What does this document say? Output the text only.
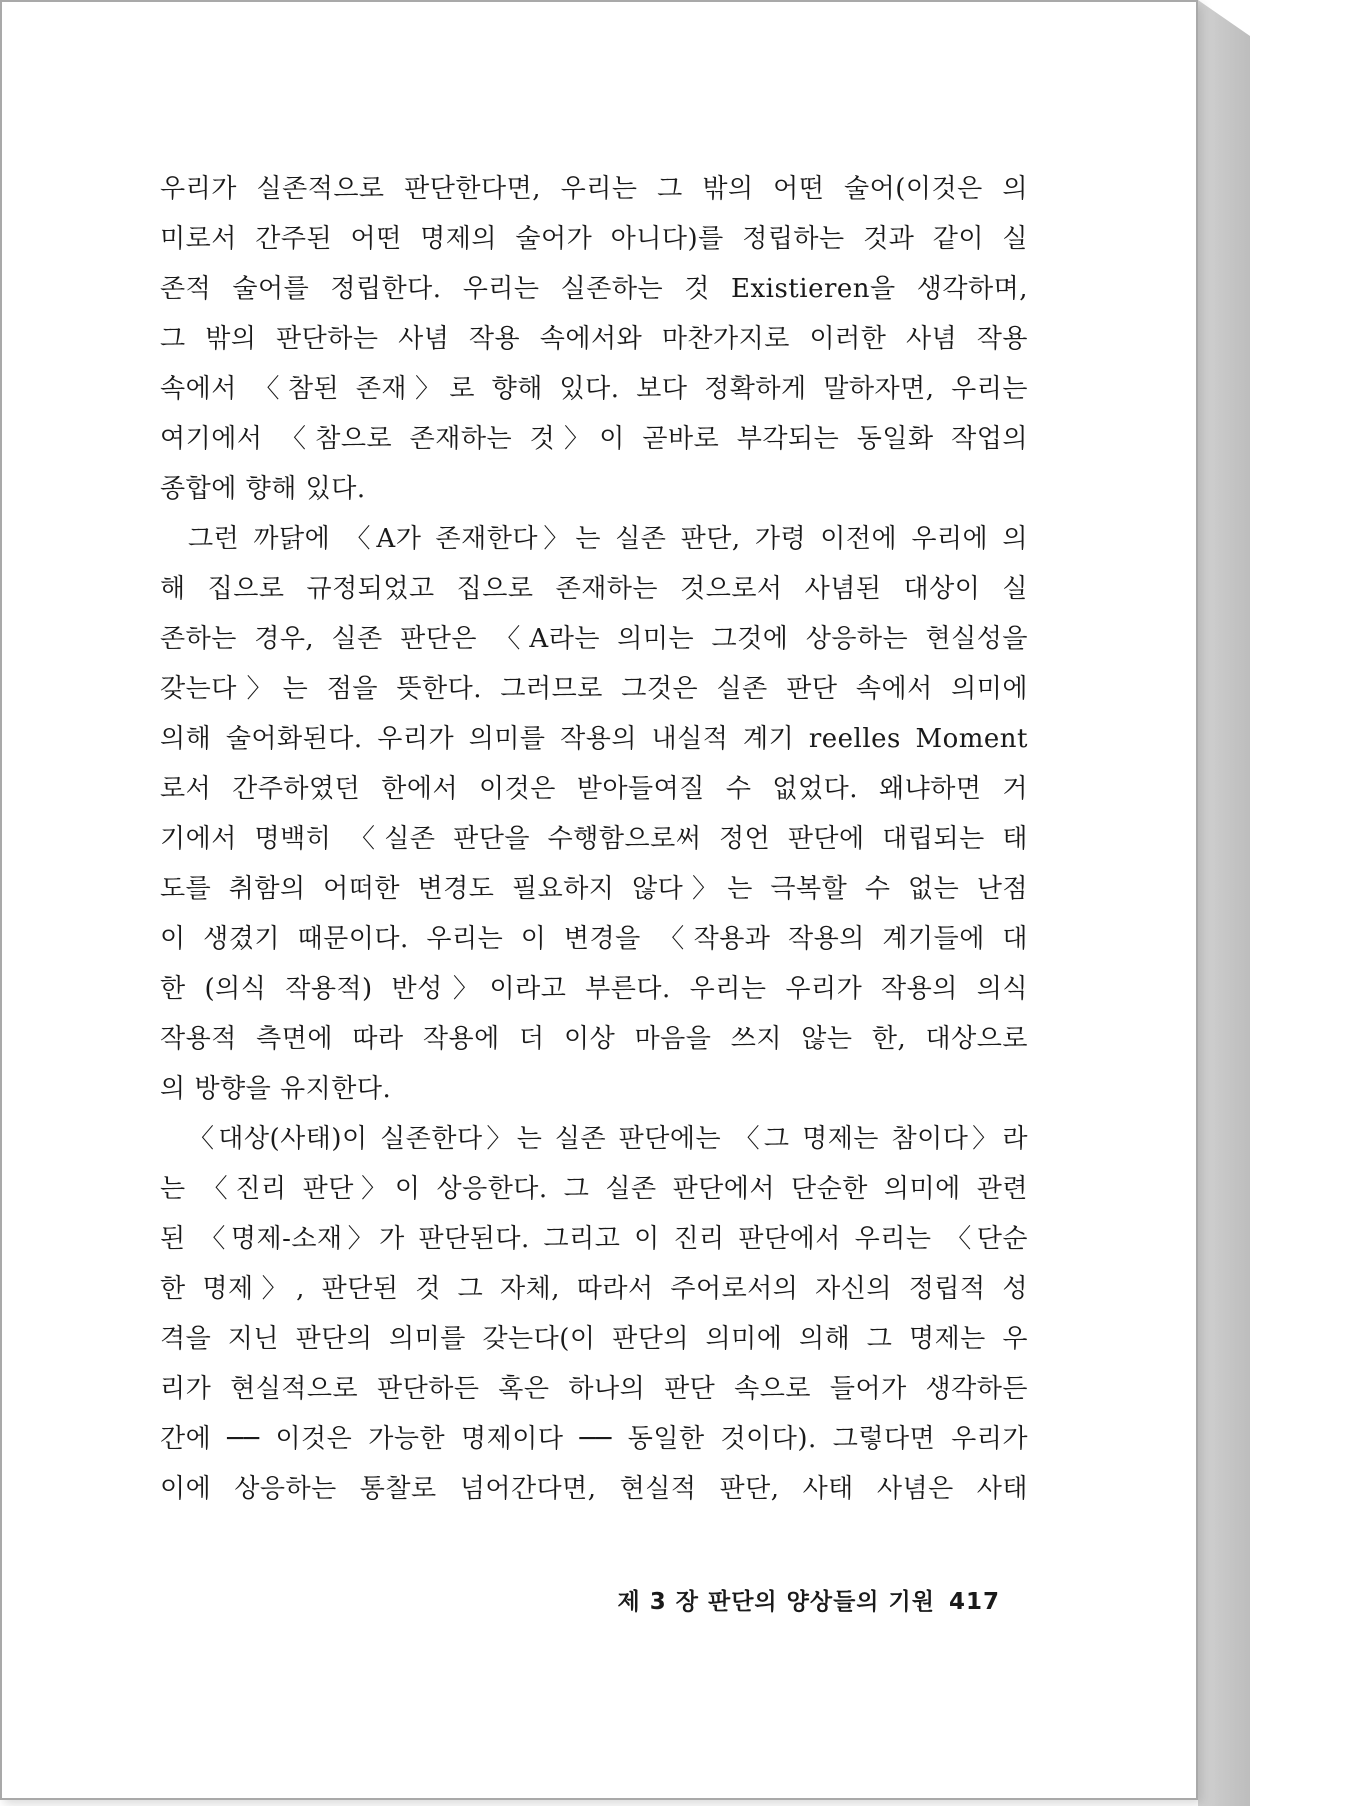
우리가 실존적으로 판단한다면, 우리는 그 밖의 어떤 술어(이것은 의
미로서 간주된 어떤 명제의 술어가 아니다)를 정립하는 것과 같이 실
존적 술어를 정립한다. 우리는 실존하는 것 Existieren을 생각하며,
그 밖의 판단하는 사념 작용 속에서와 마찬가지로 이러한 사념 작용
속에서 〈참된 존재〉로 향해 있다. 보다 정확하게 말하자면, 우리는
여기에서 〈참으로 존재하는 것〉이 곧바로 부각되는 동일화 작업의
종합에 향해 있다.

그런 까닭에 〈A가 존재한다〉는 실존 판단, 가령 이전에 우리에 의
해 집으로 규정되었고 집으로 존재하는 것으로서 사념된 대상이 실
존하는 경우, 실존 판단은 〈A라는 의미는 그것에 상응하는 현실성을
갖는다〉는 점을 뜻한다. 그러므로 그것은 실존 판단 속에서 의미에
의해 술어화된다. 우리가 의미를 작용의 내실적 계기 reelles Moment
로서 간주하였던 한에서 이것은 받아들여질 수 없었다. 왜냐하면 거
기에서 명백히 〈실존 판단을 수행함으로써 정언 판단에 대립되는 태
도를 취함의 어떠한 변경도 필요하지 않다〉는 극복할 수 없는 난점
이 생겼기 때문이다. 우리는 이 변경을 〈작용과 작용의 계기들에 대
한 (의식 작용적) 반성〉이라고 부른다. 우리는 우리가 작용의 의식
작용적 측면에 따라 작용에 더 이상 마음을 쓰지 않는 한, 대상으로
의 방향을 유지한다.

〈대상(사태)이 실존한다〉는 실존 판단에는 〈그 명제는 참이다〉라
는 〈진리 판단〉이 상응한다. 그 실존 판단에서 단순한 의미에 관련
된 〈명제-소재〉가 판단된다. 그리고 이 진리 판단에서 우리는 〈단순
한 명제〉, 판단된 것 그 자체, 따라서 주어로서의 자신의 정립적 성
격을 지닌 판단의 의미를 갖는다(이 판단의 의미에 의해 그 명제는 우
리가 현실적으로 판단하든 혹은 하나의 판단 속으로 들어가 생각하든
간에 ── 이것은 가능한 명제이다 ── 동일한 것이다). 그렇다면 우리가
이에 상응하는 통찰로 넘어간다면, 현실적 판단, 사태 사념은 사태

제 3 장 판단의 양상들의 기원 417
